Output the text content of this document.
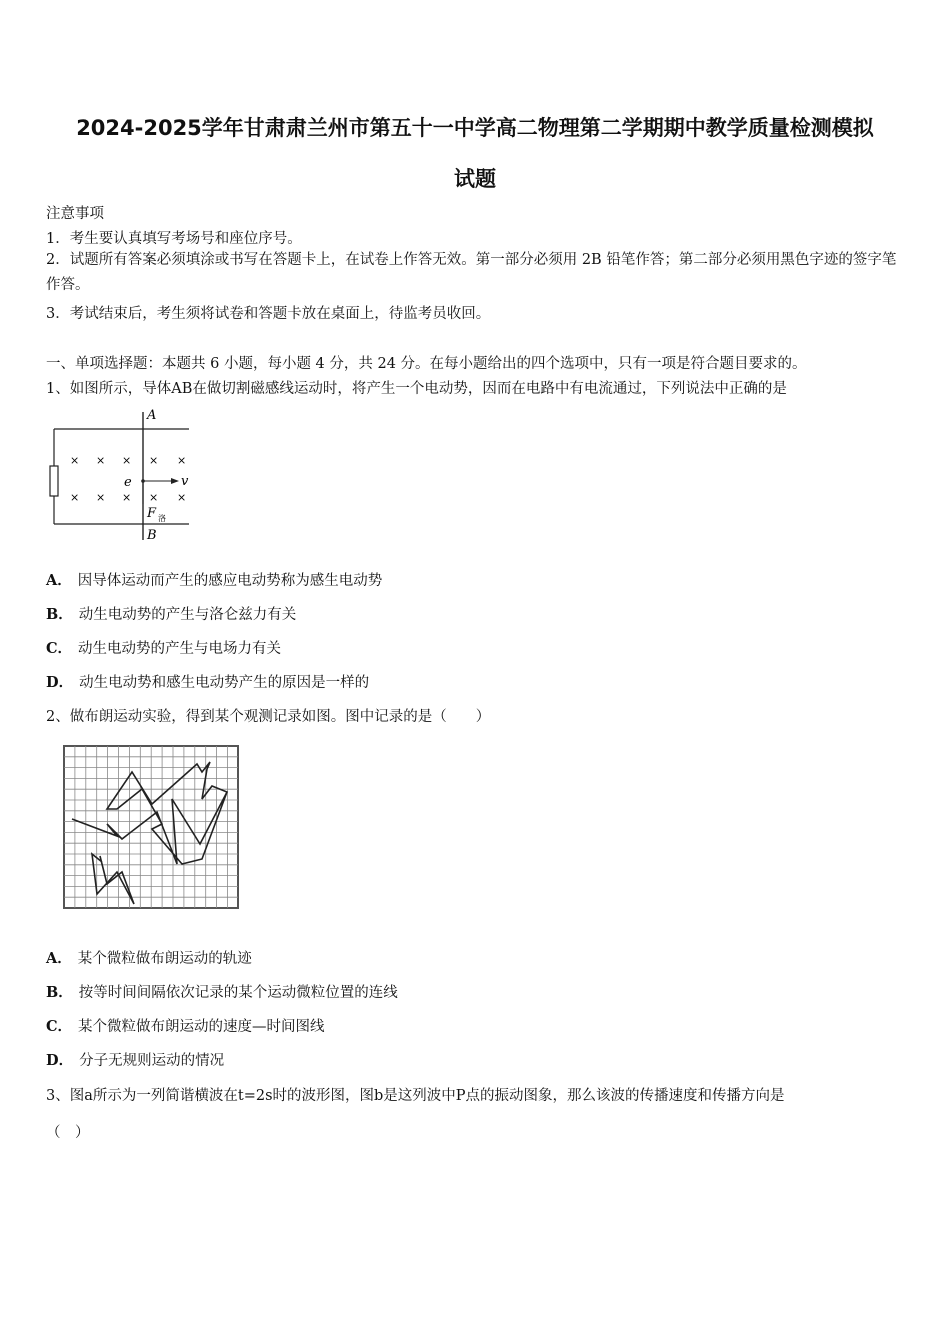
2024-2025学年甘肃肃兰州市第五十一中学高二物理第二学期期中教学质量检测模拟
试题
注意事项
1．考生要认真填写考场号和座位序号。
2．试题所有答案必须填涂或书写在答题卡上，在试卷上作答无效。第一部分必须用 2B 铅笔作答；第二部分必须用黑色字迹的签字笔作答。
3．考试结束后，考生须将试卷和答题卡放在桌面上，待监考员收回。
一、单项选择题：本题共 6 小题，每小题 4 分，共 24 分。在每小题给出的四个选项中，只有一项是符合题目要求的。
1、如图所示，导体AB在做切割磁感线运动时，将产生一个电动势，因而在电路中有电流通过，下列说法中正确的是
A
B
× × × × ×
× × × × ×
e	v
F 洛
A． 因导体运动而产生的感应电动势称为感生电动势
B． 动生电动势的产生与洛仑兹力有关
C． 动生电动势的产生与电场力有关
D． 动生电动势和感生电动势产生的原因是一样的
2、做布朗运动实验，得到某个观测记录如图。图中记录的是（　　）
A． 某个微粒做布朗运动的轨迹
B． 按等时间间隔依次记录的某个运动微粒位置的连线
C． 某个微粒做布朗运动的速度—时间图线
D． 分子无规则运动的情况
3、图a所示为一列简谐横波在t=2s时的波形图，图b是这列波中P点的振动图象，那么该波的传播速度和传播方向是
（　）
